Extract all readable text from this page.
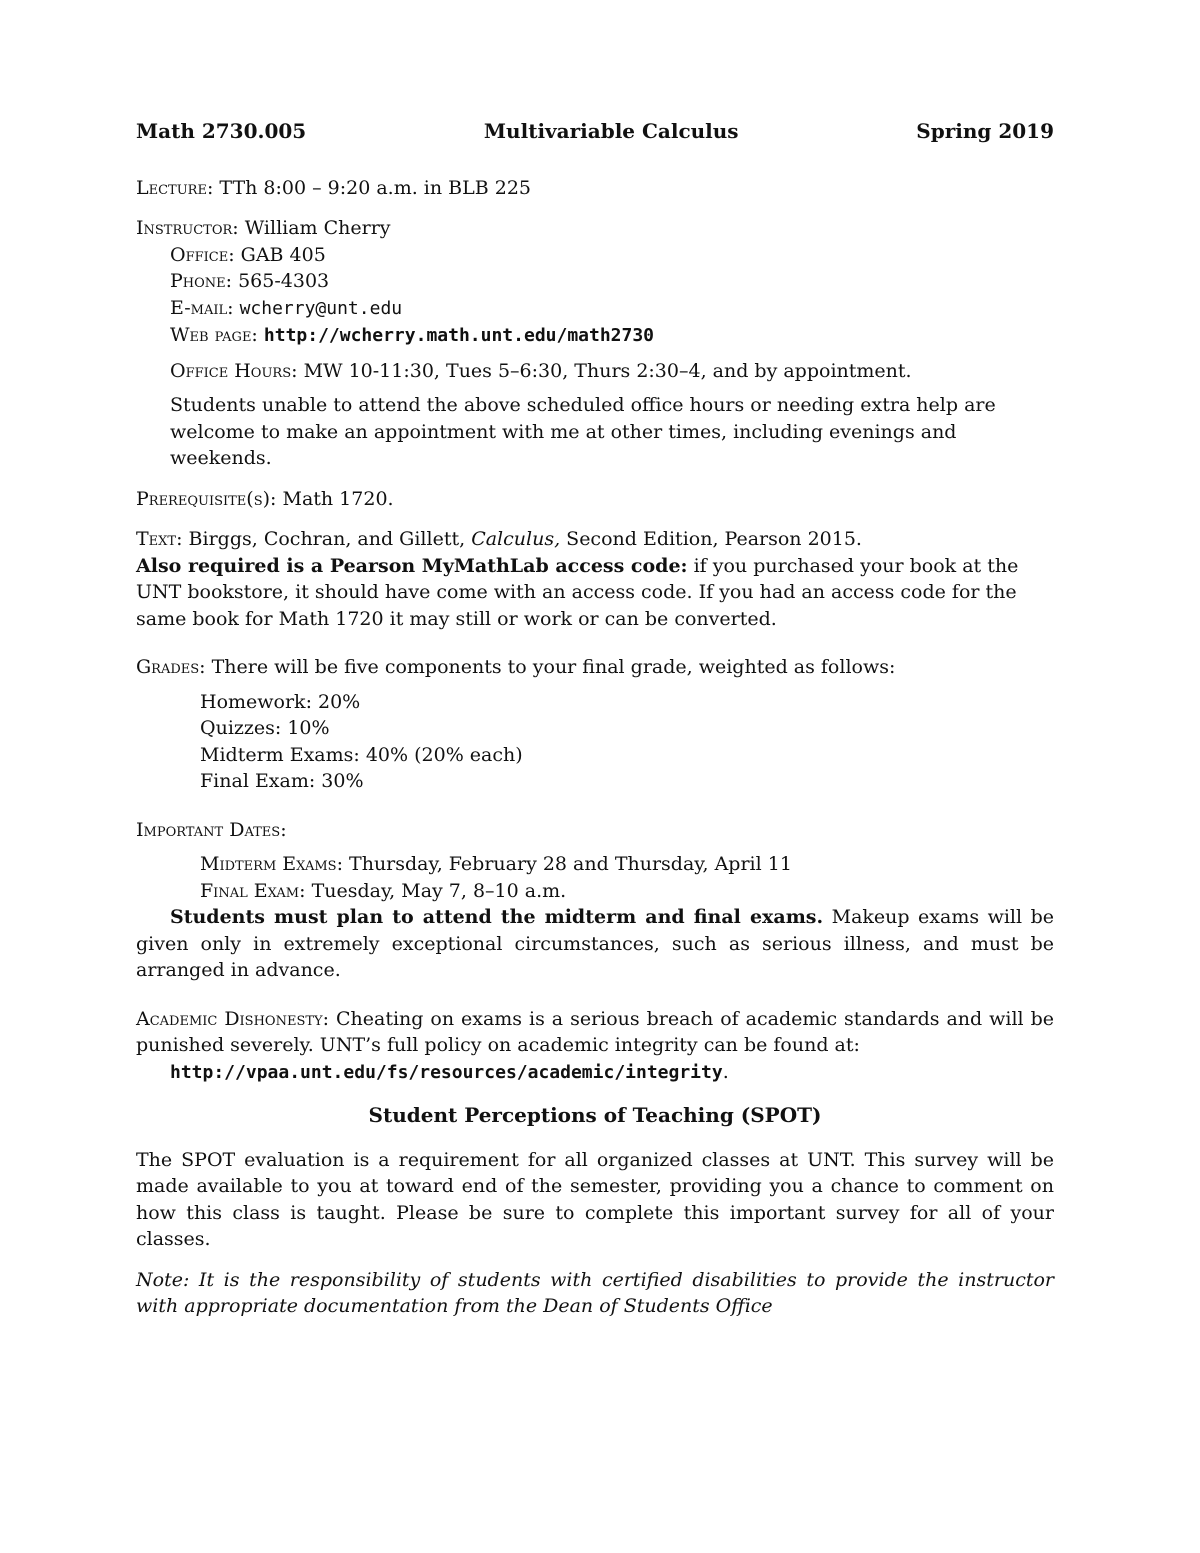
Math 2730.005	Multivariable Calculus	Spring 2019

Lecture: TTh 8:00 – 9:20 a.m. in BLB 225

Instructor: William Cherry

Office: GAB 405

Phone: 565-4303

E-mail: wcherry@unt.edu

Web page: http://wcherry.math.unt.edu/math2730

Office Hours: MW 10-11:30, Tues 5–6:30, Thurs 2:30–4, and by appointment.

Students unable to attend the above scheduled office hours or needing extra help are welcome to make an appointment with me at other times, including evenings and weekends.

Prerequisite(s): Math 1720.

Text: Birggs, Cochran, and Gillett, Calculus, Second Edition, Pearson 2015.

Also required is a Pearson MyMathLab access code: if you purchased your book at the UNT bookstore, it should have come with an access code. If you had an access code for the same book for Math 1720 it may still or work or can be converted.

Grades: There will be five components to your final grade, weighted as follows:

Homework: 20%

Quizzes: 10%

Midterm Exams: 40% (20% each)

Final Exam: 30%

Important Dates:

Midterm Exams: Thursday, February 28 and Thursday, April 11

Final Exam: Tuesday, May 7, 8–10 a.m.

Students must plan to attend the midterm and final exams. Makeup exams will be given only in extremely exceptional circumstances, such as serious illness, and must be arranged in advance.

Academic Dishonesty: Cheating on exams is a serious breach of academic standards and will be punished severely. UNT’s full policy on academic integrity can be found at:

http://vpaa.unt.edu/fs/resources/academic/integrity.

Student Perceptions of Teaching (SPOT)

The SPOT evaluation is a requirement for all organized classes at UNT. This survey will be made available to you at toward end of the semester, providing you a chance to comment on how this class is taught. Please be sure to complete this important survey for all of your classes.

Note: It is the responsibility of students with certified disabilities to provide the instructor with appropriate documentation from the Dean of Students Office
